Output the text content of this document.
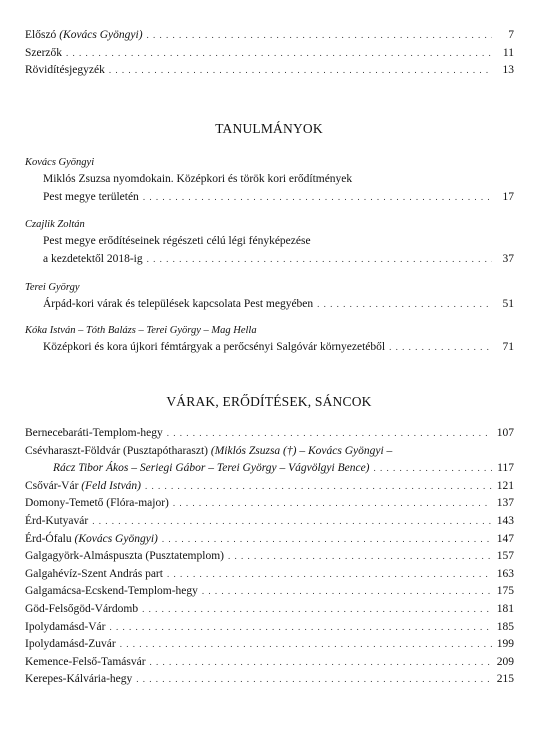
Előszó (Kovács Gyöngyi) . . .	7
Szerzők . . .	11
Rövidítésjegyzék . . .	13
TANULMÁNYOK
Kovács Gyöngyi
Miklós Zsuzsa nyomdokain. Középkori és török kori erődítmények
Pest megye területén . . .	17
Czajlik Zoltán
Pest megye erődítéseinek régészeti célú légi fényképezése
a kezdetektől 2018-ig . . .	37
Terei György
Árpád-kori várak és települések kapcsolata Pest megyében . . .	51
Kóka István – Tóth Balázs – Terei György – Mag Hella
Középkori és kora újkori fémtárgyak a perőcsényi Salgóvár környezetéből . . .	71
VÁRAK, ERŐDÍTÉSEK, SÁNCOK
Bernecebaráti-Templom-hegy . . .	107
Csévharaszt-Földvár (Pusztapótharaszt) (Miklós Zsuzsa (†) – Kovács Gyöngyi –
Rácz Tibor Ákos – Seriegi Gábor – Terei György – Vágvölgyi Bence) . . .	117
Csővár-Vár (Feld István) . . .	121
Domony-Temető (Flóra-major) . . .	137
Érd-Kutyavár . . .	143
Érd-Ófalu (Kovács Gyöngyi) . . .	147
Galgagyörk-Almáspuszta (Pusztatemplom) . . .	157
Galgahévíz-Szent András part . . .	163
Galgamácsa-Ecskend-Templom-hegy . . .	175
Göd-Felsőgöd-Várdomb . . .	181
Ipolydamásd-Vár . . .	185
Ipolydamásd-Zuvár . . .	199
Kemence-Felső-Tamásvár . . .	209
Kerepes-Kálvária-hegy . . .	215
